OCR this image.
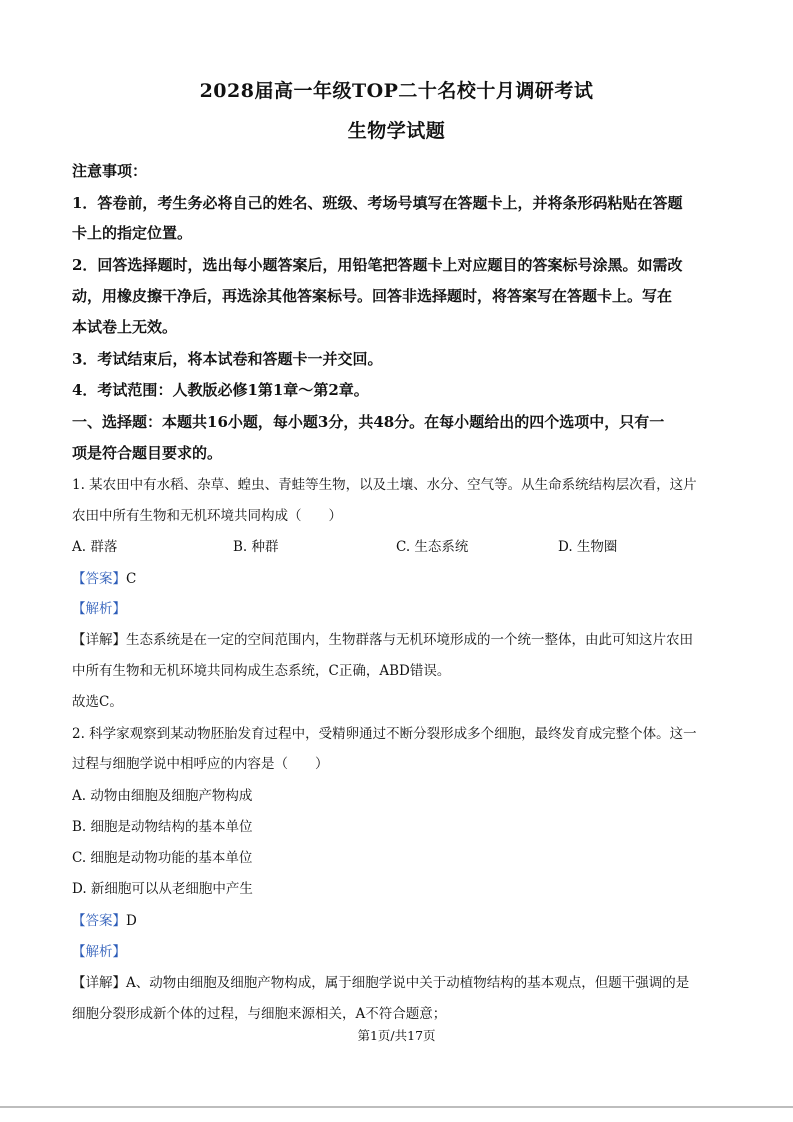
2028届高一年级TOP二十名校十月调研考试
生物学试题
注意事项：
1．答卷前，考生务必将自己的姓名、班级、考场号填写在答题卡上，并将条形码粘贴在答题
卡上的指定位置。
2．回答选择题时，选出每小题答案后，用铅笔把答题卡上对应题目的答案标号涂黑。如需改
动，用橡皮擦干净后，再选涂其他答案标号。回答非选择题时，将答案写在答题卡上。写在
本试卷上无效。
3．考试结束后，将本试卷和答题卡一并交回。
4．考试范围：人教版必修1第1章～第2章。
一、选择题：本题共16小题，每小题3分，共48分。在每小题给出的四个选项中，只有一
项是符合题目要求的。
1. 某农田中有水稻、杂草、蝗虫、青蛙等生物，以及土壤、水分、空气等。从生命系统结构层次看，这片
农田中所有生物和无机环境共同构成（　　）
A. 群落	B. 种群	C. 生态系统	D. 生物圈
【答案】C
【解析】
【详解】生态系统是在一定的空间范围内，生物群落与无机环境形成的一个统一整体，由此可知这片农田
中所有生物和无机环境共同构成生态系统，C正确，ABD错误。
故选C。
2. 科学家观察到某动物胚胎发育过程中，受精卵通过不断分裂形成多个细胞，最终发育成完整个体。这一
过程与细胞学说中相呼应的内容是（　　）
A. 动物由细胞及细胞产物构成
B. 细胞是动物结构的基本单位
C. 细胞是动物功能的基本单位
D. 新细胞可以从老细胞中产生
【答案】D
【解析】
【详解】A、动物由细胞及细胞产物构成，属于细胞学说中关于动植物结构的基本观点，但题干强调的是
细胞分裂形成新个体的过程，与细胞来源相关，A不符合题意；
第1页/共17页
